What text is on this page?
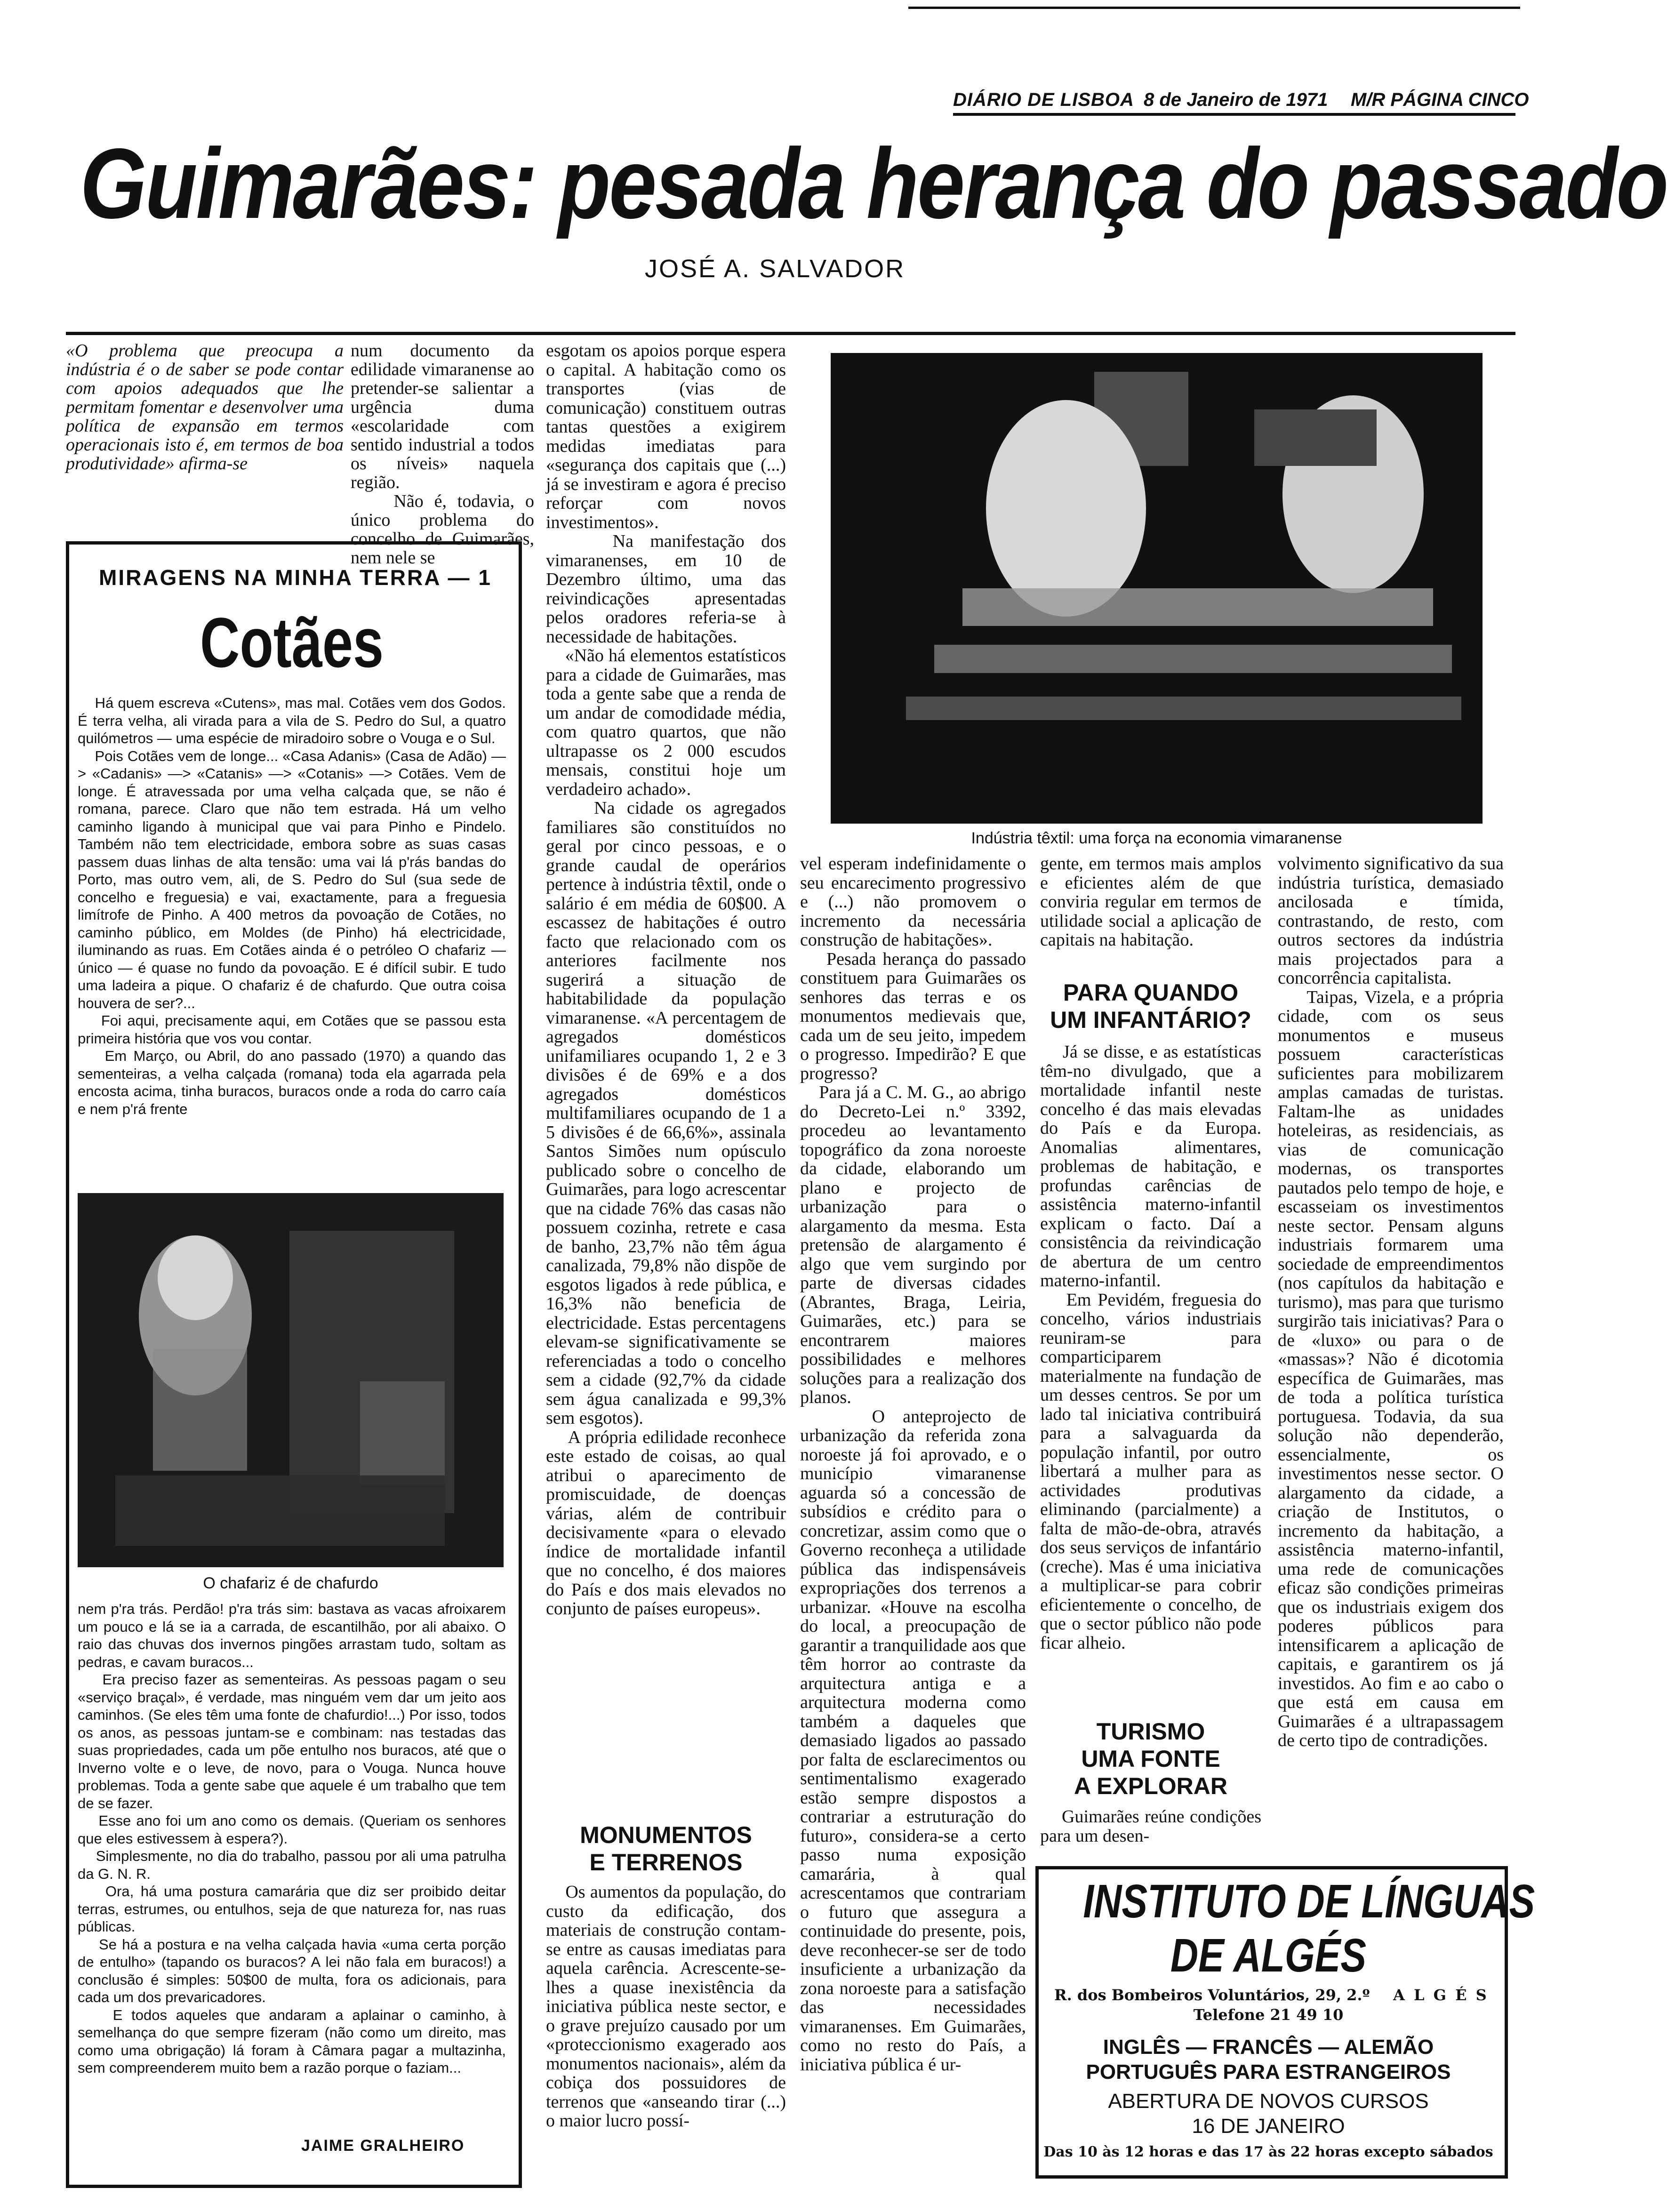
DIÁRIO DE LISBOA 8 de Janeiro de 1971 M/R PÁGINA CINCO
Guimarães: pesada herança do passado
JOSÉ A. SALVADOR
«O problema que preocupa a indústria é o de saber se pode contar com apoios adequados que lhe permitam fomentar e desenvolver uma política de expansão em termos operacionais isto é, em termos de boa produtividade» afirma-se
num documento da edilidade vimaranense ao pretender-se salientar a urgência duma «escolaridade com sentido industrial a todos os níveis» naquela região.
Não é, todavia, o único problema do concelho de Guimarães, nem nele se
esgotam os apoios porque espera o capital. A habitação como os transportes (vias de comunicação) constituem outras tantas questões a exigirem medidas imediatas para «segurança dos capitais que (...) já se investiram e agora é preciso reforçar com novos investimentos».
Na manifestação dos vimaranenses, em 10 de Dezembro último, uma das reivindicações apresentadas pelos oradores referia-se à necessidade de habitações.
«Não há elementos estatísticos para a cidade de Guimarães, mas toda a gente sabe que a renda de um andar de comodidade média, com quatro quartos, que não ultrapasse os 2 000 escudos mensais, constitui hoje um verdadeiro achado».
Na cidade os agregados familiares são constituídos no geral por cinco pessoas, e o grande caudal de operários pertence à indústria têxtil, onde o salário é em média de 60$00. A escassez de habitações é outro facto que relacionado com os anteriores facilmente nos sugerirá a situação de habitabilidade da população vimaranense. «A percentagem de agregados domésticos unifamiliares ocupando 1, 2 e 3 divisões é de 69% e a dos agregados domésticos multifamiliares ocupando de 1 a 5 divisões é de 66,6%», assinala Santos Simões num opúsculo publicado sobre o concelho de Guimarães, para logo acrescentar que na cidade 76% das casas não possuem cozinha, retrete e casa de banho, 23,7% não têm água canalizada, 79,8% não dispõe de esgotos ligados à rede pública, e 16,3% não beneficia de electricidade. Estas percentagens elevam-se significativamente se referenciadas a todo o concelho sem a cidade (92,7% da cidade sem água canalizada e 99,3% sem esgotos).
A própria edilidade reconhece este estado de coisas, ao qual atribui o aparecimento de promiscuidade, de doenças várias, além de contribuir decisivamente «para o elevado índice de mortalidade infantil que no concelho, é dos maiores do País e dos mais elevados no conjunto de países europeus».
MONUMENTOS
E TERRENOS
Os aumentos da população, do custo da edificação, dos materiais de construção contam-se entre as causas imediatas para aquela carência. Acrescente-se-lhes a quase inexistência da iniciativa pública neste sector, e o grave prejuízo causado por um «proteccionismo exagerado aos monumentos nacionais», além da cobiça dos possuidores de terrenos que «anseando tirar (...) o maior lucro possí-
MIRAGENS NA MINHA TERRA — 1
Cotães
Há quem escreva «Cutens», mas mal. Cotães vem dos Godos. É terra velha, ali virada para a vila de S. Pedro do Sul, a quatro quilómetros — uma espécie de miradoiro sobre o Vouga e o Sul.
Pois Cotães vem de longe... «Casa Adanis» (Casa de Adão) —> «Cadanis» —> «Catanis» —> «Cotanis» —> Cotães. Vem de longe. É atravessada por uma velha calçada que, se não é romana, parece. Claro que não tem estrada. Há um velho caminho ligando à municipal que vai para Pinho e Pindelo. Também não tem electricidade, embora sobre as suas casas passem duas linhas de alta tensão: uma vai lá p'rás bandas do Porto, mas outro vem, ali, de S. Pedro do Sul (sua sede de concelho e freguesia) e vai, exactamente, para a freguesia limítrofe de Pinho. A 400 metros da povoação de Cotães, no caminho público, em Moldes (de Pinho) há electricidade, iluminando as ruas. Em Cotães ainda é o petróleo O chafariz — único — é quase no fundo da povoação. E é difícil subir. E tudo uma ladeira a pique. O chafariz é de chafurdo. Que outra coisa houvera de ser?...
Foi aqui, precisamente aqui, em Cotães que se passou esta primeira história que vos vou contar.
Em Março, ou Abril, do ano passado (1970) a quando das sementeiras, a velha calçada (romana) toda ela agarrada pela encosta acima, tinha buracos, buracos onde a roda do carro caía e nem p'rá frente
O chafariz é de chafurdo
nem p'ra trás. Perdão! p'ra trás sim: bastava as vacas afroixarem um pouco e lá se ia a carrada, de escantilhão, por ali abaixo. O raio das chuvas dos invernos pingões arrastam tudo, soltam as pedras, e cavam buracos...
Era preciso fazer as sementeiras. As pessoas pagam o seu «serviço braçal», é verdade, mas ninguém vem dar um jeito aos caminhos. (Se eles têm uma fonte de chafurdio!...) Por isso, todos os anos, as pessoas juntam-se e combinam: nas testadas das suas propriedades, cada um põe entulho nos buracos, até que o Inverno volte e o leve, de novo, para o Vouga. Nunca houve problemas. Toda a gente sabe que aquele é um trabalho que tem de se fazer.
Esse ano foi um ano como os demais. (Queriam os senhores que eles estivessem à espera?).
Simplesmente, no dia do trabalho, passou por ali uma patrulha da G. N. R.
Ora, há uma postura camarária que diz ser proibido deitar terras, estrumes, ou entulhos, seja de que natureza for, nas ruas públicas.
Se há a postura e na velha calçada havia «uma certa porção de entulho» (tapando os buracos? A lei não fala em buracos!) a conclusão é simples: 50$00 de multa, fora os adicionais, para cada um dos prevaricadores.
E todos aqueles que andaram a aplainar o caminho, à semelhança do que sempre fizeram (não como um direito, mas como uma obrigação) lá foram à Câmara pagar a multazinha, sem compreenderem muito bem a razão porque o faziam...
JAIME GRALHEIRO
Indústria têxtil: uma força na economia vimaranense
vel esperam indefinidamente o seu encarecimento progressivo e (...) não promovem o incremento da necessária construção de habitações».
Pesada herança do passado constituem para Guimarães os senhores das terras e os monumentos medievais que, cada um de seu jeito, impedem o progresso. Impedirão? E que progresso?
Para já a C. M. G., ao abrigo do Decreto-Lei n.º 3392, procedeu ao levantamento topográfico da zona noroeste da cidade, elaborando um plano e projecto de urbanização para o alargamento da mesma. Esta pretensão de alargamento é algo que vem surgindo por parte de diversas cidades (Abrantes, Braga, Leiria, Guimarães, etc.) para se encontrarem maiores possibilidades e melhores soluções para a realização dos planos.
O anteprojecto de urbanização da referida zona noroeste já foi aprovado, e o município vimaranense aguarda só a concessão de subsídios e crédito para o concretizar, assim como que o Governo reconheça a utilidade pública das indispensáveis expropriações dos terrenos a urbanizar. «Houve na escolha do local, a preocupação de garantir a tranquilidade aos que têm horror ao contraste da arquitectura antiga e a arquitectura moderna como também a daqueles que demasiado ligados ao passado por falta de esclarecimentos ou sentimentalismo exagerado estão sempre dispostos a contrariar a estruturação do futuro», considera-se a certo passo numa exposição camarária, à qual acrescentamos que contrariam o futuro que assegura a continuidade do presente, pois, deve reconhecer-se ser de todo insuficiente a urbanização da zona noroeste para a satisfação das necessidades vimaranenses. Em Guimarães, como no resto do País, a iniciativa pública é ur-
gente, em termos mais amplos e eficientes além de que conviria regular em termos de utilidade social a aplicação de capitais na habitação.
PARA QUANDO
UM INFANTÁRIO?
Já se disse, e as estatísticas têm-no divulgado, que a mortalidade infantil neste concelho é das mais elevadas do País e da Europa. Anomalias alimentares, problemas de habitação, e profundas carências de assistência materno-infantil explicam o facto. Daí a consistência da reivindicação de abertura de um centro materno-infantil.
Em Pevidém, freguesia do concelho, vários industriais reuniram-se para comparticiparem materialmente na fundação de um desses centros. Se por um lado tal iniciativa contribuirá para a salvaguarda da população infantil, por outro libertará a mulher para as actividades produtivas eliminando (parcialmente) a falta de mão-de-obra, através dos seus serviços de infantário (creche). Mas é uma iniciativa a multiplicar-se para cobrir eficientemente o concelho, de que o sector público não pode ficar alheio.
TURISMO
UMA FONTE
A EXPLORAR
Guimarães reúne condições para um desen-
volvimento significativo da sua indústria turística, demasiado ancilosada e tímida, contrastando, de resto, com outros sectores da indústria mais projectados para a concorrência capitalista.
Taipas, Vizela, e a própria cidade, com os seus monumentos e museus possuem características suficientes para mobilizarem amplas camadas de turistas. Faltam-lhe as unidades hoteleiras, as residenciais, as vias de comunicação modernas, os transportes pautados pelo tempo de hoje, e escasseiam os investimentos neste sector. Pensam alguns industriais formarem uma sociedade de empreendimentos (nos capítulos da habitação e turismo), mas para que turismo surgirão tais iniciativas? Para o de «luxo» ou para o de «massas»? Não é dicotomia específica de Guimarães, mas de toda a política turística portuguesa. Todavia, da sua solução não dependerão, essencialmente, os investimentos nesse sector. O alargamento da cidade, a criação de Institutos, o incremento da habitação, a assistência materno-infantil, uma rede de comunicações eficaz são condições primeiras que os industriais exigem dos poderes públicos para intensificarem a aplicação de capitais, e garantirem os já investidos. Ao fim e ao cabo o que está em causa em Guimarães é a ultrapassagem de certo tipo de contradições.
INSTITUTO DE LÍNGUAS
DE ALGÉS
R. dos Bombeiros Voluntários, 29, 2.º A L G É S
Telefone 21 49 10
INGLÊS — FRANCÊS — ALEMÃO
PORTUGUÊS PARA ESTRANGEIROS
ABERTURA DE NOVOS CURSOS
16 DE JANEIRO
Das 10 às 12 horas e das 17 às 22 horas excepto sábados
